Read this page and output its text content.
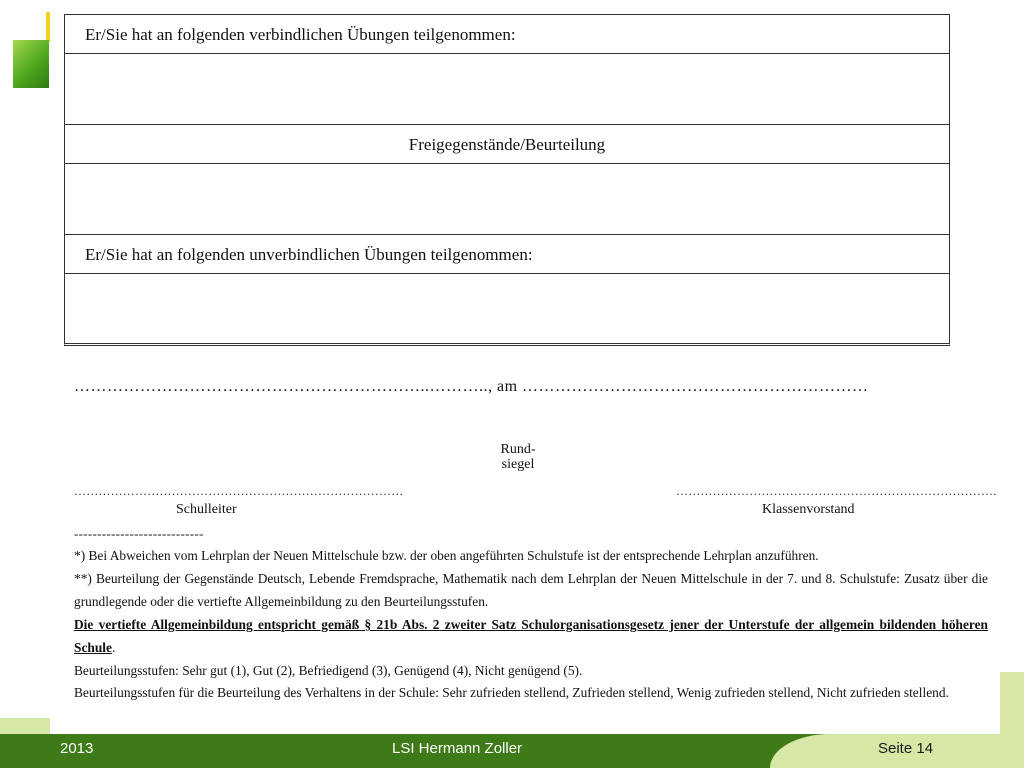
Er/Sie hat an folgenden verbindlichen Übungen teilgenommen:
Freigegenstände/Beurteilung
Er/Sie hat an folgenden unverbindlichen Übungen teilgenommen:
………………………………………………………..……….., am ………………………………………………………
Rund-
siegel
………………………………………………………………………	…………………………………………………………………….
Schulleiter	Klassenvorstand
----------------------------
*) Bei Abweichen vom Lehrplan der Neuen Mittelschule bzw. der oben angeführten Schulstufe ist der entsprechende Lehrplan anzuführen.
**) Beurteilung der Gegenstände Deutsch, Lebende Fremdsprache, Mathematik nach dem Lehrplan der Neuen Mittelschule in der 7. und 8. Schulstufe: Zusatz über die grundlegende oder die vertiefte Allgemeinbildung zu den Beurteilungsstufen.
Die vertiefte Allgemeinbildung entspricht gemäß § 21b Abs. 2 zweiter Satz Schulorganisationsgesetz jener der Unterstufe der allgemein bildenden höheren Schule.
Beurteilungsstufen: Sehr gut (1), Gut (2), Befriedigend (3), Genügend (4), Nicht genügend (5).
Beurteilungsstufen für die Beurteilung des Verhaltens in der Schule: Sehr zufrieden stellend, Zufrieden stellend, Wenig zufrieden stellend, Nicht zufrieden stellend.
2013	LSI Hermann Zoller	Seite 14
